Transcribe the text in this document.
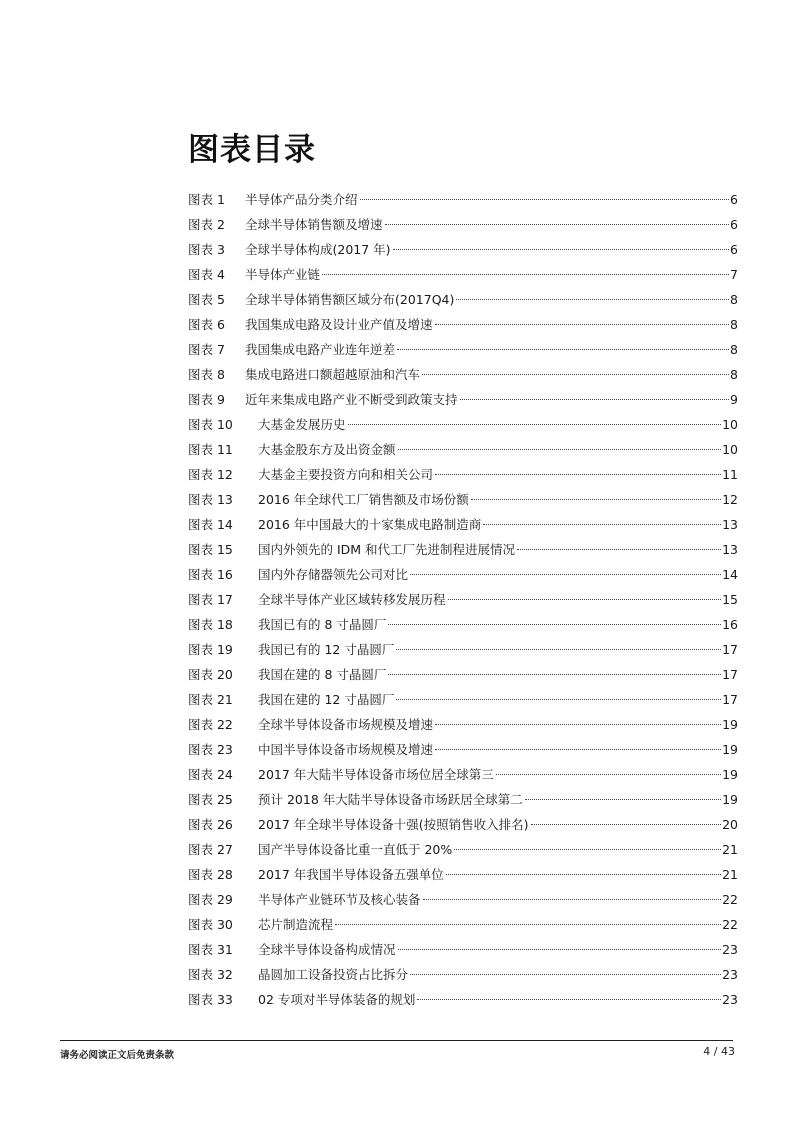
图表目录
图表 1	半导体产品分类介绍	6
图表 2	全球半导体销售额及增速	6
图表 3	全球半导体构成(2017 年)	6
图表 4	半导体产业链	7
图表 5	全球半导体销售额区域分布(2017Q4)	8
图表 6	我国集成电路及设计业产值及增速	8
图表 7	我国集成电路产业连年逆差	8
图表 8	集成电路进口额超越原油和汽车	8
图表 9	近年来集成电路产业不断受到政策支持	9
图表 10	大基金发展历史	10
图表 11	大基金股东方及出资金额	10
图表 12	大基金主要投资方向和相关公司	11
图表 13	2016 年全球代工厂销售额及市场份额	12
图表 14	2016 年中国最大的十家集成电路制造商	13
图表 15	国内外领先的 IDM 和代工厂先进制程进展情况	13
图表 16	国内外存储器领先公司对比	14
图表 17	全球半导体产业区域转移发展历程	15
图表 18	我国已有的 8 寸晶圆厂	16
图表 19	我国已有的 12 寸晶圆厂	17
图表 20	我国在建的 8 寸晶圆厂	17
图表 21	我国在建的 12 寸晶圆厂	17
图表 22	全球半导体设备市场规模及增速	19
图表 23	中国半导体设备市场规模及增速	19
图表 24	2017 年大陆半导体设备市场位居全球第三	19
图表 25	预计 2018 年大陆半导体设备市场跃居全球第二	19
图表 26	2017 年全球半导体设备十强(按照销售收入排名)	20
图表 27	国产半导体设备比重一直低于 20%	21
图表 28	2017 年我国半导体设备五强单位	21
图表 29	半导体产业链环节及核心装备	22
图表 30	芯片制造流程	22
图表 31	全球半导体设备构成情况	23
图表 32	晶圆加工设备投资占比拆分	23
图表 33	02 专项对半导体装备的规划	23
请务必阅读正文后免责条款	4 / 43
